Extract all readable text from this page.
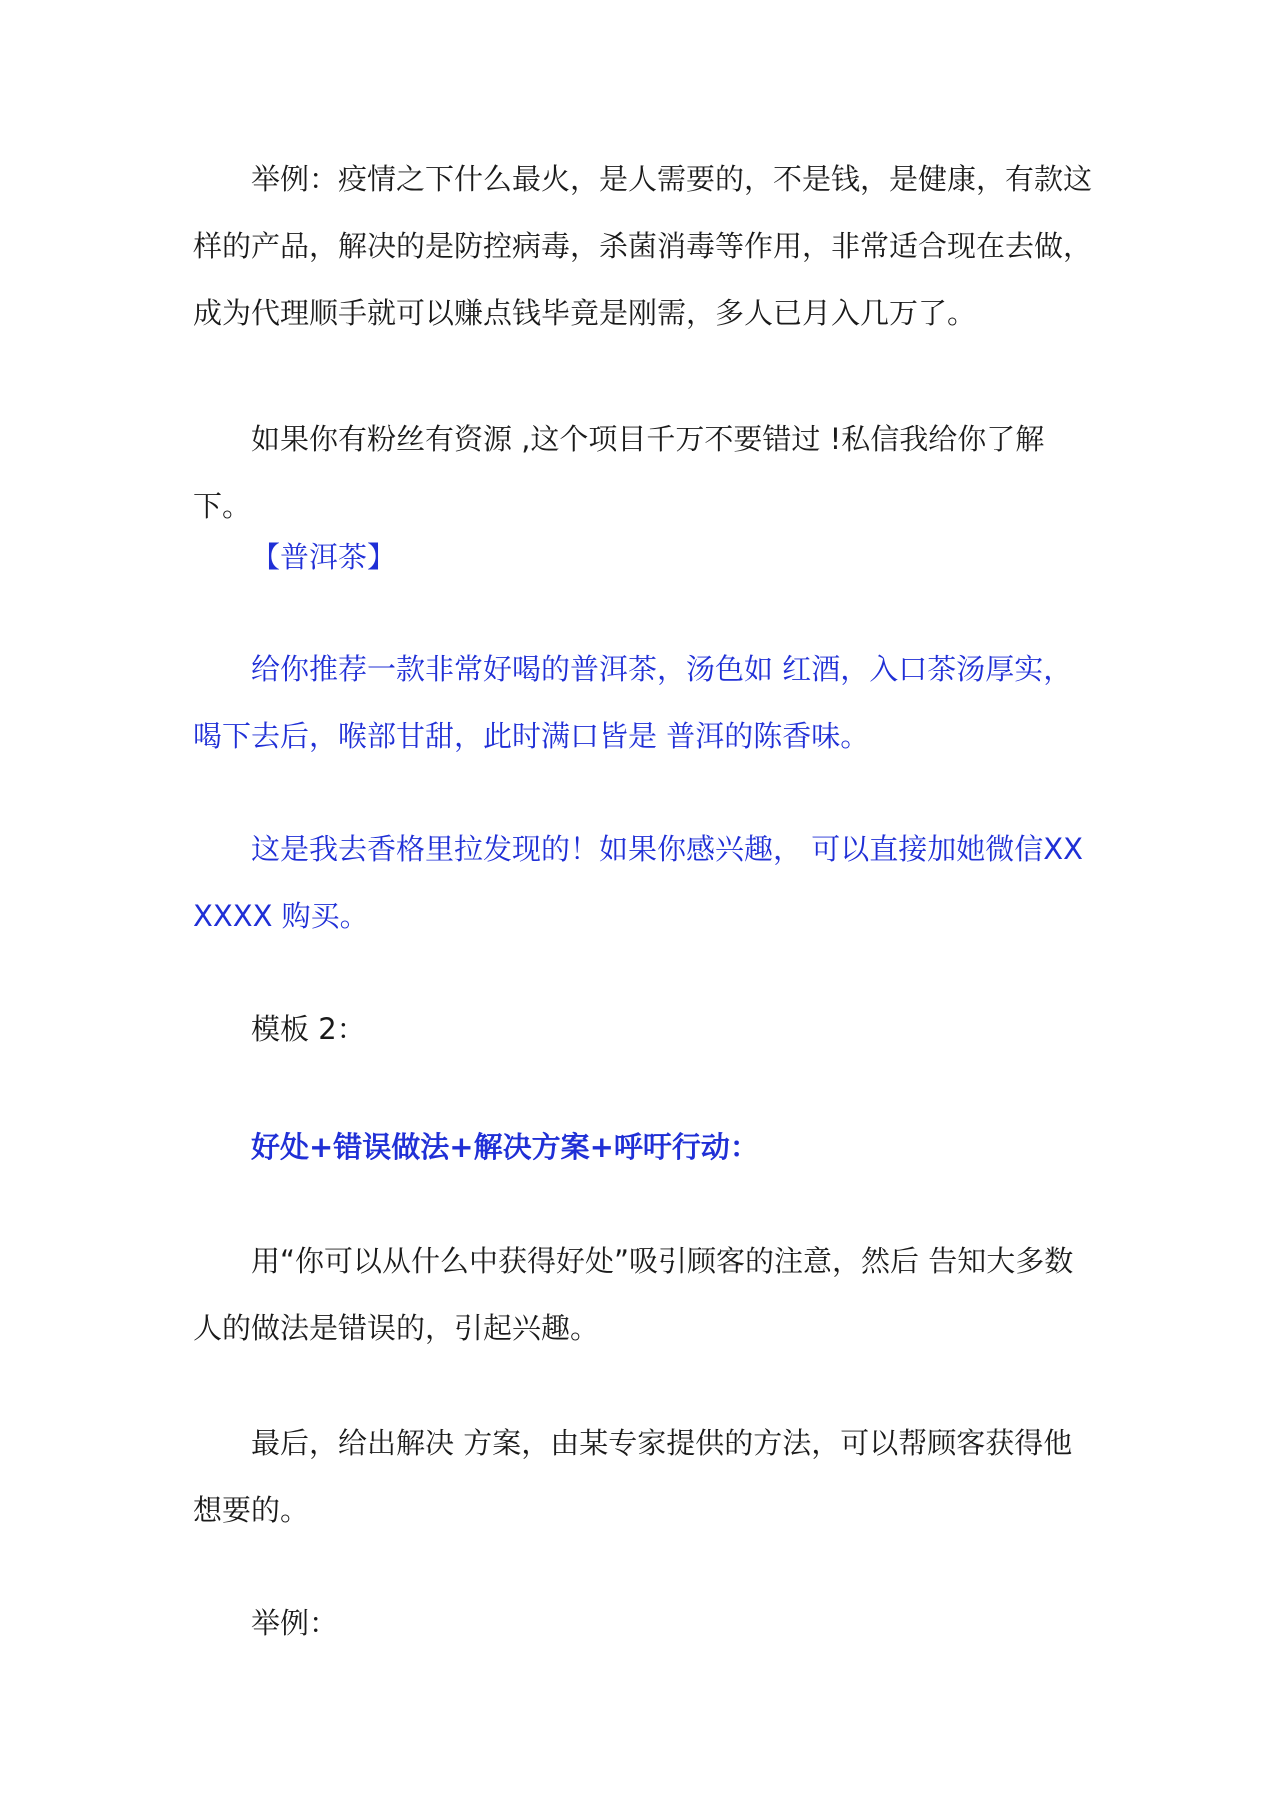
举例：疫情之下什么最火，是人需要的，不是钱，是健康，有款这样的产品，解决的是防控病毒，杀菌消毒等作用，非常适合现在去做，成为代理顺手就可以赚点钱毕竟是刚需，多人已月入几万了。

如果你有粉丝有资源 ,这个项目千万不要错过 !私信我给你了解下。

【普洱茶】

给你推荐一款非常好喝的普洱茶，汤色如 红酒，入口茶汤厚实，喝下去后，喉部甘甜，此时满口皆是 普洱的陈香味。

这是我去香格里拉发现的！如果你感兴趣， 可以直接加她微信XXXXXX 购买。

模板 2：

好处+错误做法+解决方案+呼吁行动：

用“你可以从什么中获得好处”吸引顾客的注意，然后 告知大多数人的做法是错误的，引起兴趣。

最后，给出解决 方案，由某专家提供的方法，可以帮顾客获得他想要的。

举例：
